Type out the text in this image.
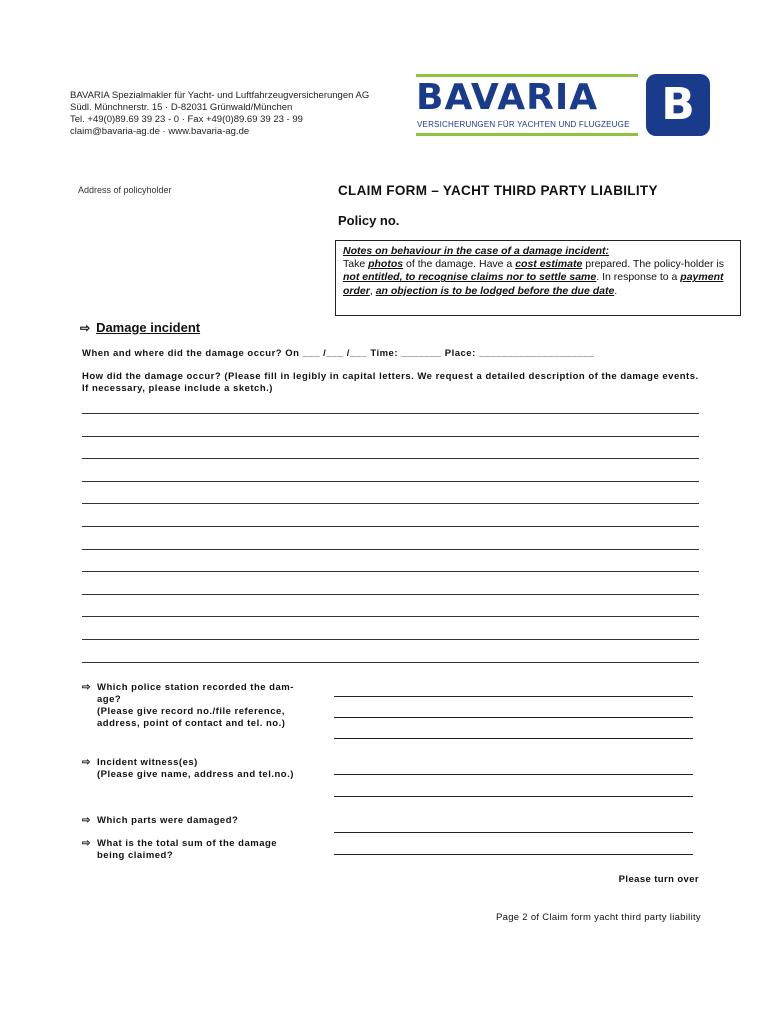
BAVARIA Spezialmakler für Yacht- und Luftfahrzeugversicherungen AG
Südl. Münchnerstr. 15 · D-82031 Grünwald/München
Tel. +49(0)89.69 39 23 - 0 · Fax +49(0)89.69 39 23 - 99
claim@bavaria-ag.de · www.bavaria-ag.de
BAVARIA
VERSICHERUNGEN FÜR YACHTEN UND FLUGZEUGE B
Address of policyholder	CLAIM FORM – YACHT THIRD PARTY LIABILITY
Policy no.
Notes on behaviour in the case of a damage incident:
Take photos of the damage. Have a cost estimate prepared. The policy-holder is not entitled, to recognise claims nor to settle same. In response to a payment order, an objection is to be lodged before the due date.
⇨ Damage incident
When and where did the damage occur? On ___ /___ /___ Time: _______ Place: ____________________
How did the damage occur? (Please fill in legibly in capital letters. We request a detailed description of the damage events. If necessary, please include a sketch.)
⇨ Which police station recorded the dam-
age?
(Please give record no./file reference,
address, point of contact and tel. no.)
⇨ Incident witness(es)
(Please give name, address and tel.no.)
⇨ Which parts were damaged?
⇨ What is the total sum of the damage
being claimed?
Please turn over
Page 2 of Claim form yacht third party liability
